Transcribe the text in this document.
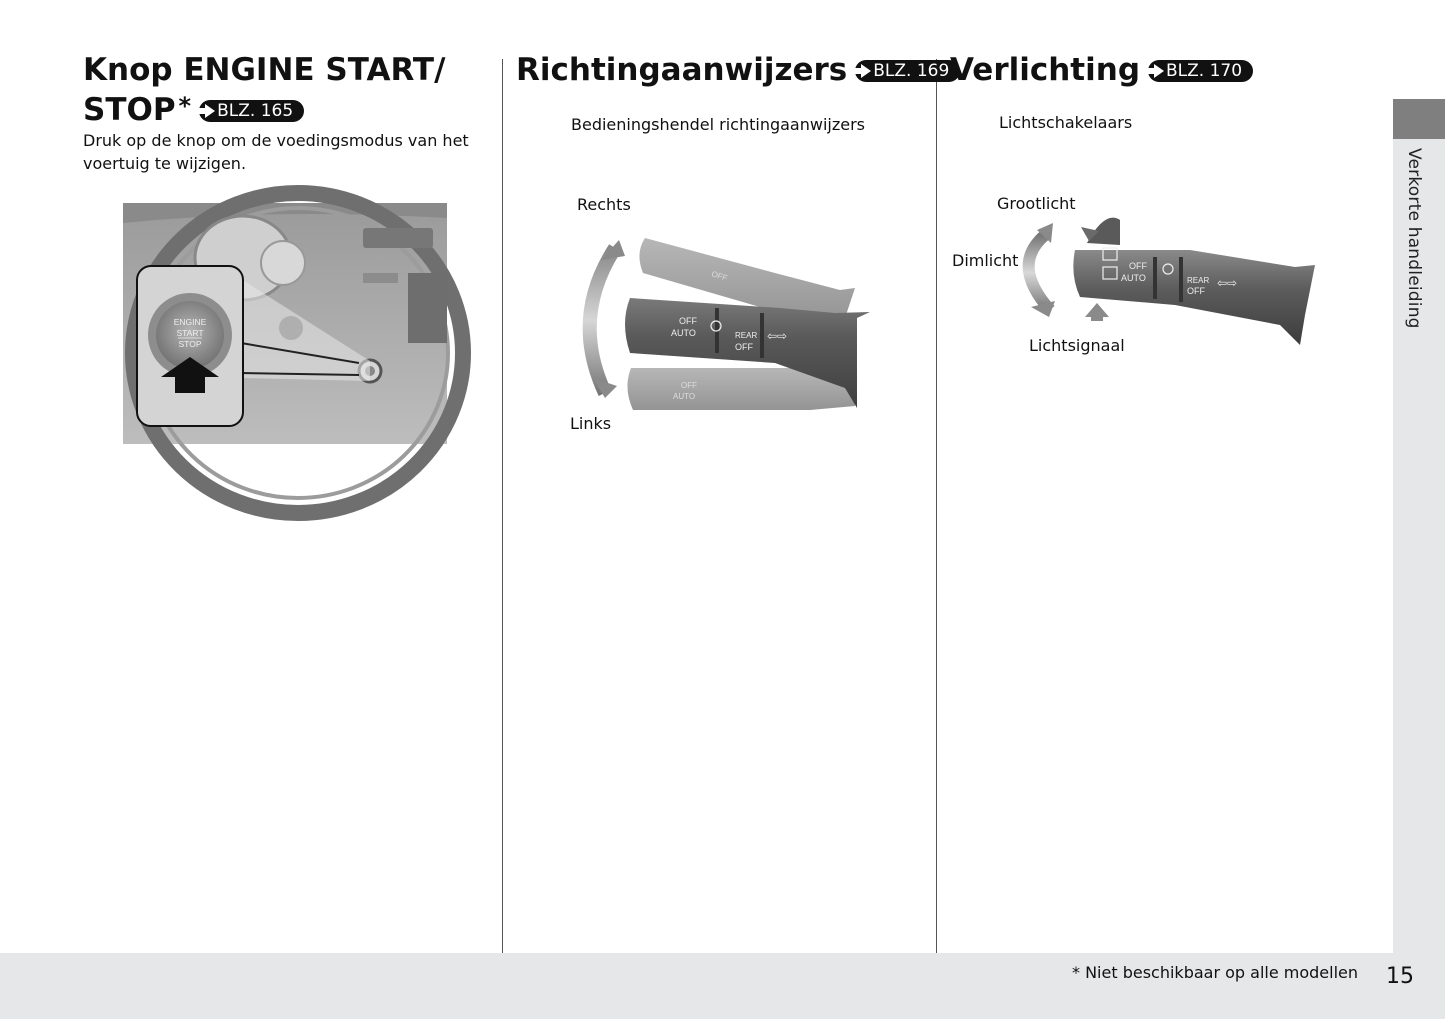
Verkorte handleiding
Knop ENGINE START/
STOP * BLZ. 165
Druk op de knop om de voedingsmodus van het voertuig te wijzigen.
ENGINE
START
STOP
Richtingaanwijzers BLZ. 169
Bedieningshendel richtingaanwijzers
Rechts
Links
OFF
AUTO	REAR
OFF
⇦⇨
OFF
OFF
AUTO
Verlichting BLZ. 170
Lichtschakelaars
Grootlicht
Dimlicht
Lichtsignaal
OFF
AUTO	REAR
OFF
⇦⇨
* Niet beschikbaar op alle modellen 15
